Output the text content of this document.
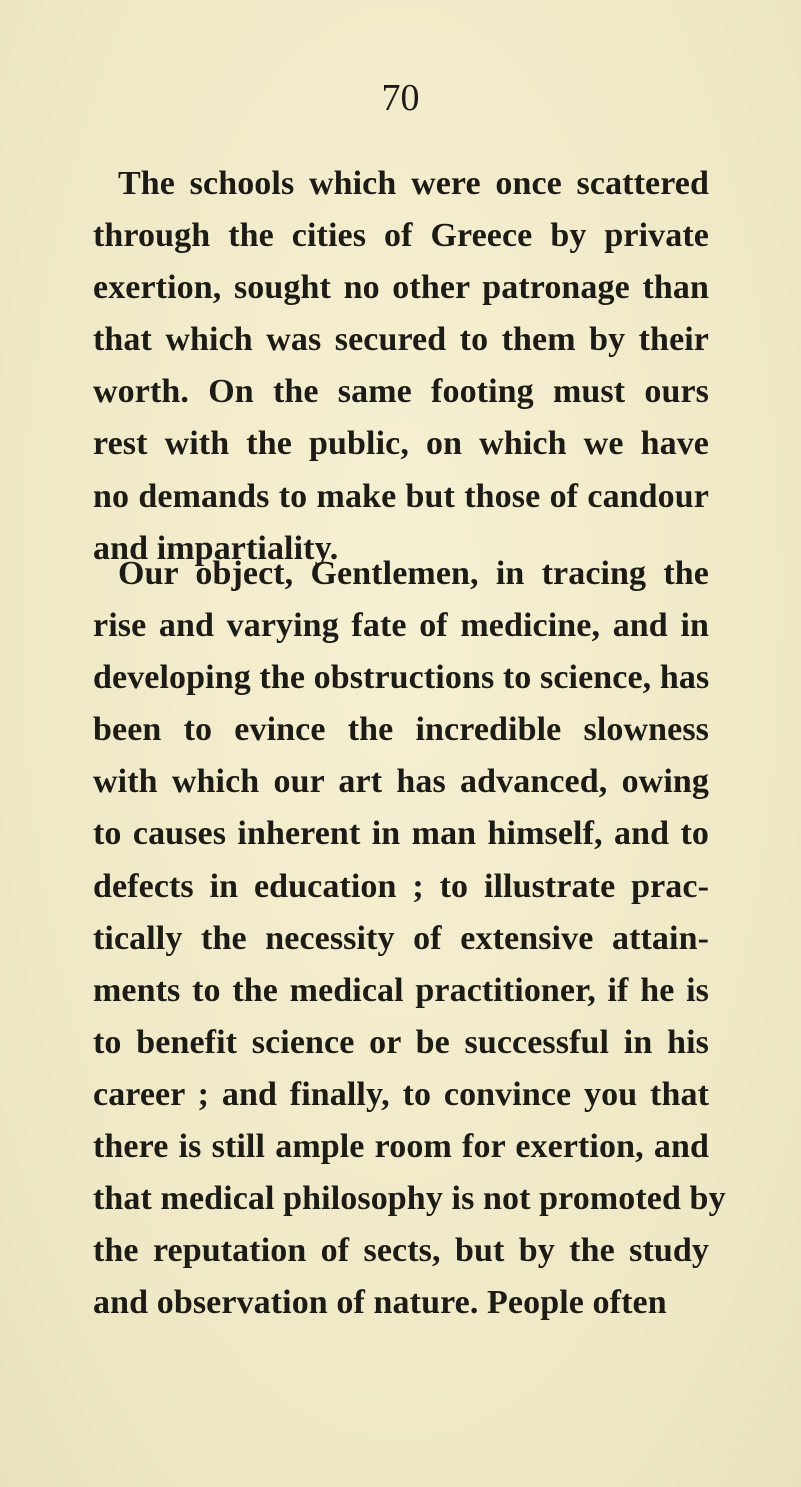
70
The schools which were once scattered
through the cities of Greece by private
exertion, sought no other patronage than
that which was secured to them by their
worth. On the same footing must ours
rest with the public, on which we have
no demands to make but those of candour
and impartiality.
Our object, Gentlemen, in tracing the
rise and varying fate of medicine, and in
developing the obstructions to science, has
been to evince the incredible slowness
with which our art has advanced, owing
to causes inherent in man himself, and to
defects in education ; to illustrate prac-
tically the necessity of extensive attain-
ments to the medical practitioner, if he is
to benefit science or be successful in his
career ; and finally, to convince you that
there is still ample room for exertion, and
that medical philosophy is not promoted by
the reputation of sects, but by the study
and observation of nature. People often
